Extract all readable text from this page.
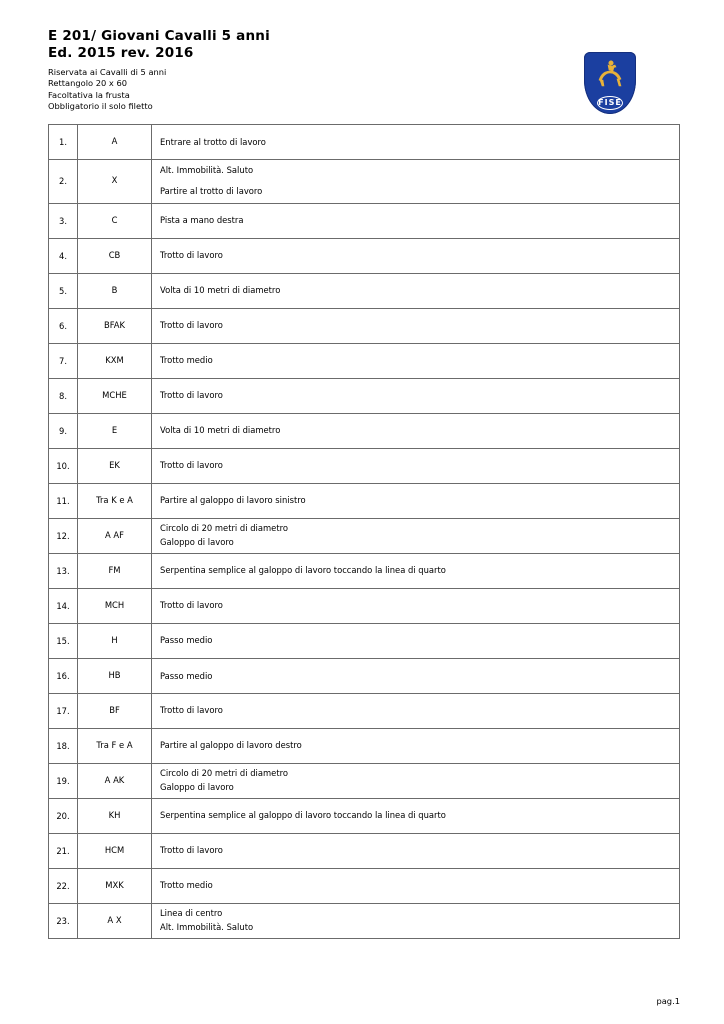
E 201/ Giovani Cavalli 5 anni
Ed. 2015 rev. 2016
Riservata ai Cavalli di 5 anni
Rettangolo 20 x 60
Facoltativa la frusta
Obbligatorio il solo filetto	FISE
1.	A	Entrare al trotto di lavoro

2.	X	Alt. Immobilità. Saluto
Partire al trotto di lavoro

3.	C	Pista a mano destra

4.	CB	Trotto di lavoro

5.	B	Volta di 10 metri di diametro

6.	BFAK	Trotto di lavoro

7.	KXM	Trotto medio

8.	MCHE	Trotto di lavoro

9.	E	Volta di 10 metri di diametro

10.	EK	Trotto di lavoro

11.	Tra K e A	Partire al galoppo di lavoro sinistro

12.	A AF	Circolo di 20 metri di diametro
Galoppo di lavoro

13.	FM	Serpentina semplice al galoppo di lavoro toccando la linea di quarto

14.	MCH	Trotto di lavoro

15.	H	Passo medio

16.	HB	Passo medio

17.	BF	Trotto di lavoro

18.	Tra F e A	Partire al galoppo di lavoro destro

19.	A AK	Circolo di 20 metri di diametro
Galoppo di lavoro

20.	KH	Serpentina semplice al galoppo di lavoro toccando la linea di quarto

21.	HCM	Trotto di lavoro

22.	MXK	Trotto medio

23.	A X	Linea di centro
Alt. Immobilità. Saluto
pag.1
